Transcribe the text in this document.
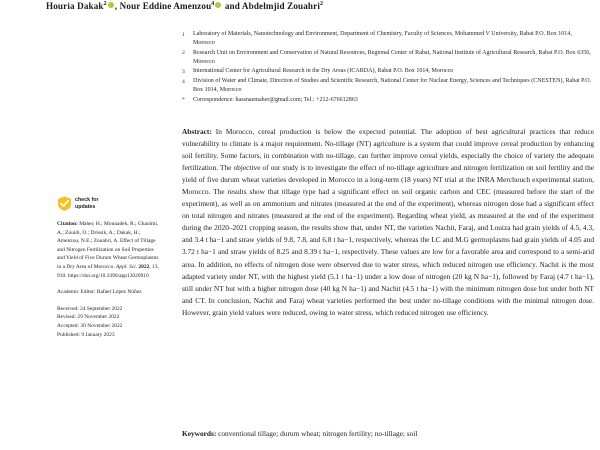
Houria Dakak$^2$ , Nour Eddine Amenzou$^4$ and Abdelmjid Zouahri$^2$
1	Laboratory of Materials, Nanotechnology and Environment, Department of Chemistry, Faculty of Sciences, Mohammed V University, Rabat P.O. Box 1014, Morocco
2	Research Unit on Environment and Conservation of Natural Resources, Regional Center of Rabat, National Institute of Agricultural Research, Rabat P.O. Box 6356, Morocco
3	International Center for Agricultural Research in the Dry Areas (ICARDA), Rabat P.O. Box 1014, Morocco
4	Division of Water and Climate, Direction of Studies and Scientific Research, National Center for Nuclear Energy, Sciences and Techniques (CNESTEN), Rabat P.O. Box 1014, Morocco
*	Correspondence: hassnaemaher@gmail.com; Tel.: +212-676612863
Abstract: In Morocco, cereal production is below the expected potential. The adoption of best agricultural practices that reduce vulnerability to climate is a major requirement. No-tillage (NT) agriculture is a system that could improve cereal production by enhancing soil fertility. Some factors, in combination with no-tillage, can further improve cereal yields, especially the choice of variety the adequate fertilization. The objective of our study is to investigate the effect of no-tillage agriculture and nitrogen fertilization on soil fertility and the yield of five durum wheat varieties developed in Morocco in a long-term (18 years) NT trial at the INRA Merchouch experimental station, Morocco. The results show that tillage type had a significant effect on soil organic carbon and CEC (measured before the start of the experiment), as well as on ammonium and nitrates (measured at the end of the experiment), whereas nitrogen dose had a significant effect on total nitrogen and nitrates (measured at the end of the experiment). Regarding wheat yield, as measured at the end of the experiment during the 2020–2021 cropping season, the results show that, under NT, the varieties Nachit, Faraj, and Louiza had grain yields of 4.5, 4.3, and 3.4 t ha−1 and straw yields of 9.8, 7.8, and 6.8 t ha−1, respectively, whereas the LC and M.G germoplasms had grain yields of 4.05 and 3.72 t ha−1 and straw yields of 8.25 and 8.39 t ha−1, respectively. These values are low for a favorable area and correspond to a semi-arid area. In addition, no effects of nitrogen dose were observed due to water stress, which reduced nitrogen use efficiency. Nachit is the most adapted variety under NT, with the highest yield (5.1 t ha−1) under a low dose of nitrogen (20 kg N ha−1), followed by Faraj (4.7 t ha−1), still under NT but with a higher nitrogen dose (40 kg N ha−1) and Nachit (4.5 t ha−1) with the minimum nitrogen dose but under both NT and CT. In conclusion, Nachit and Faraj wheat varieties performed the best under no-tillage conditions with the minimal nitrogen dose. However, grain yield values were reduced, owing to water stress, which reduced nitrogen use efficiency.
Keywords: conventional tillage; durum wheat; nitrogen fertility; no-tillage; soil
check for
updates
Citation: Maher, H.; Mounadek, R.; Ghanimi, A.; Zouidi, O.; Drissik, A.; Dakak, H.; Amenzou, N.E.; Zouahri, A. Effect of Tillage and Nitrogen Fertilization on Soil Properties and Yield of Five Durum Wheat Germoplasms in a Dry Area of Morocco. Appl. Sci. 2022, 13, 910. https://doi.org/10.3390/app13020910
Academic Editor: Rafael López Núñez
Received: 24 September 2022
Revised: 29 November 2022
Accepted: 30 November 2022
Published: 9 January 2023
